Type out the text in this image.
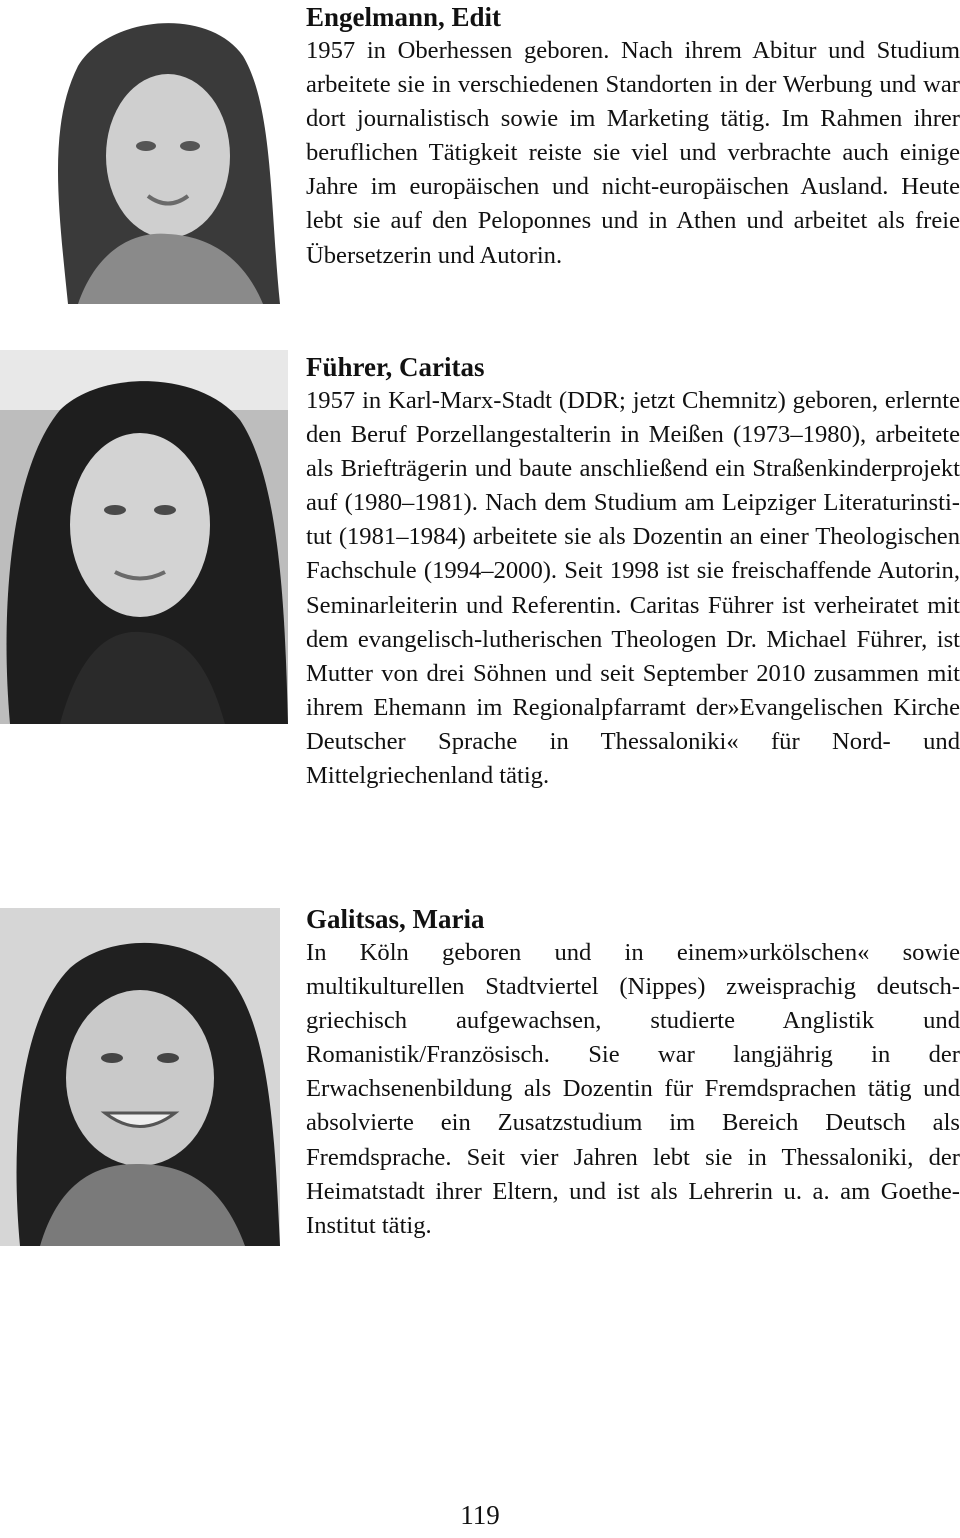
Engelmann, Edit

1957 in Oberhessen geboren. Nach ihrem Abitur und Studium arbeitete sie in verschiedenen Standorten in der Werbung und war dort journalistisch sowie im Marketing tätig. Im Rahmen ihrer beruflichen Tätigkeit reiste sie viel und verbrachte auch einige Jahre im europäischen und nicht-europäischen Ausland. Heute lebt sie auf den Peloponnes und in Athen und arbeitet als freie Übersetzerin und Autorin.

Führer, Caritas

1957 in Karl-Marx-Stadt (DDR; jetzt Chemnitz) geboren, erlernte den Beruf Porzellangestalterin in Meißen (1973–1980), arbeitete als Briefträgerin und baute anschließend ein Straßenkinderprojekt auf (1980–1981). Nach dem Studium am Leipziger Literaturinstitut (1981–1984) arbeitete sie als Dozentin an einer Theologischen Fachschule (1994–2000). Seit 1998 ist sie freischaffende Autorin, Seminarleiterin und Referentin. Caritas Führer ist verheiratet mit dem evangelisch-lutherischen Theologen Dr. Michael Führer, ist Mutter von drei Söhnen und seit September 2010 zusammen mit ihrem Ehemann im Regionalpfarramt der»Evangelischen Kirche Deutscher Sprache in Thessaloniki« für Nord- und Mittelgriechenland tätig.

Galitsas, Maria

In Köln geboren und in einem»urkölschen« sowie multikulturellen Stadtviertel (Nippes) zweisprachig deutsch-griechisch aufgewachsen, studierte Anglistik und Romanistik/Französisch. Sie war langjährig in der Erwachsenenbildung als Dozentin für Fremdsprachen tätig und absolvierte ein Zusatzstudium im Bereich Deutsch als Fremdsprache. Seit vier Jahren lebt sie in Thessaloniki, der Heimatstadt ihrer Eltern, und ist als Lehrerin u. a. am Goethe-Institut tätig.

119
